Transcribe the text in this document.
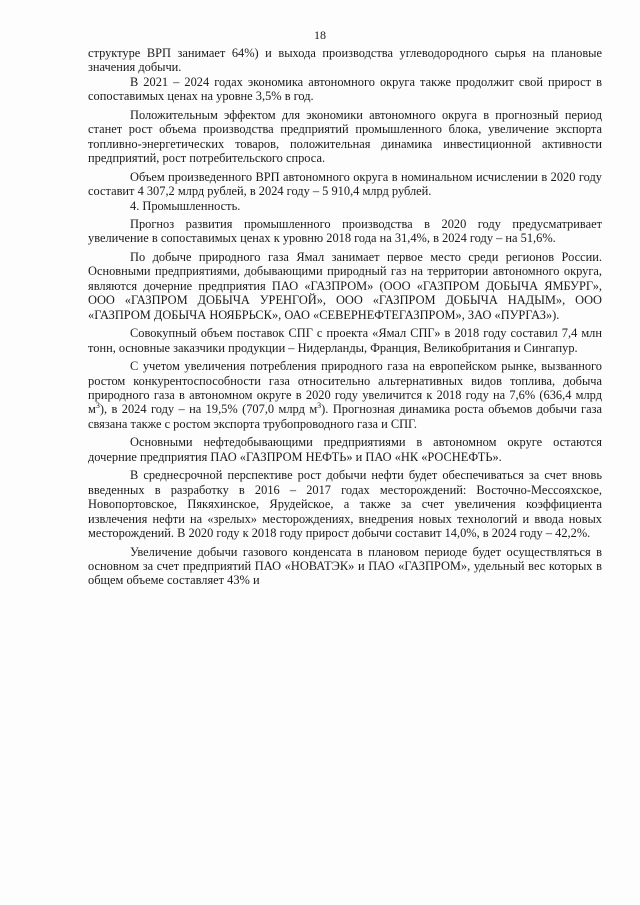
18

структуре ВРП занимает 64%) и выхода производства углеводородного сырья на плановые значения добычи.

В 2021 – 2024 годах экономика автономного округа также продолжит свой прирост в сопоставимых ценах на уровне 3,5% в год.

Положительным эффектом для экономики автономного округа в прогнозный период станет рост объема производства предприятий промышленного блока, увеличение экспорта топливно-энергетических товаров, положительная динамика инвестиционной активности предприятий, рост потребительского спроса.

Объем произведенного ВРП автономного округа в номинальном исчислении в 2020 году составит 4 307,2 млрд рублей, в 2024 году – 5 910,4 млрд рублей.

4. Промышленность.

Прогноз развития промышленного производства в 2020 году предусматривает увеличение в сопоставимых ценах к уровню 2018 года на 31,4%, в 2024 году – на 51,6%.

По добыче природного газа Ямал занимает первое место среди регионов России. Основными предприятиями, добывающими природный газ на территории автономного округа, являются дочерние предприятия ПАО «ГАЗПРОМ» (ООО «ГАЗПРОМ ДОБЫЧА ЯМБУРГ», ООО «ГАЗПРОМ ДОБЫЧА УРЕНГОЙ», ООО «ГАЗПРОМ ДОБЫЧА НАДЫМ», ООО «ГАЗПРОМ ДОБЫЧА НОЯБРЬСК», ОАО «СЕВЕРНЕФТЕГАЗПРОМ», ЗАО «ПУРГАЗ»).

Совокупный объем поставок СПГ с проекта «Ямал СПГ» в 2018 году составил 7,4 млн тонн, основные заказчики продукции – Нидерланды, Франция, Великобритания и Сингапур.

С учетом увеличения потребления природного газа на европейском рынке, вызванного ростом конкурентоспособности газа относительно альтернативных видов топлива, добыча природного газа в автономном округе в 2020 году увеличится к 2018 году на 7,6% (636,4 млрд $м^3$), в 2024 году – на 19,5% (707,0 млрд $м^3$). Прогнозная динамика роста объемов добычи газа связана также с ростом экспорта трубопроводного газа и СПГ.

Основными нефтедобывающими предприятиями в автономном округе остаются дочерние предприятия ПАО «ГАЗПРОМ НЕФТЬ» и ПАО «НК «РОСНЕФТЬ».

В среднесрочной перспективе рост добычи нефти будет обеспечиваться за счет вновь введенных в разработку в 2016 – 2017 годах месторождений: Восточно-Мессояхское, Новопортовское, Пякяхинское, Ярудейское, а также за счет увеличения коэффициента извлечения нефти на «зрелых» месторождениях, внедрения новых технологий и ввода новых месторождений. В 2020 году к 2018 году прирост добычи составит 14,0%, в 2024 году – 42,2%.

Увеличение добычи газового конденсата в плановом периоде будет осуществляться в основном за счет предприятий ПАО «НОВАТЭК» и ПАО «ГАЗПРОМ», удельный вес которых в общем объеме составляет 43% и
